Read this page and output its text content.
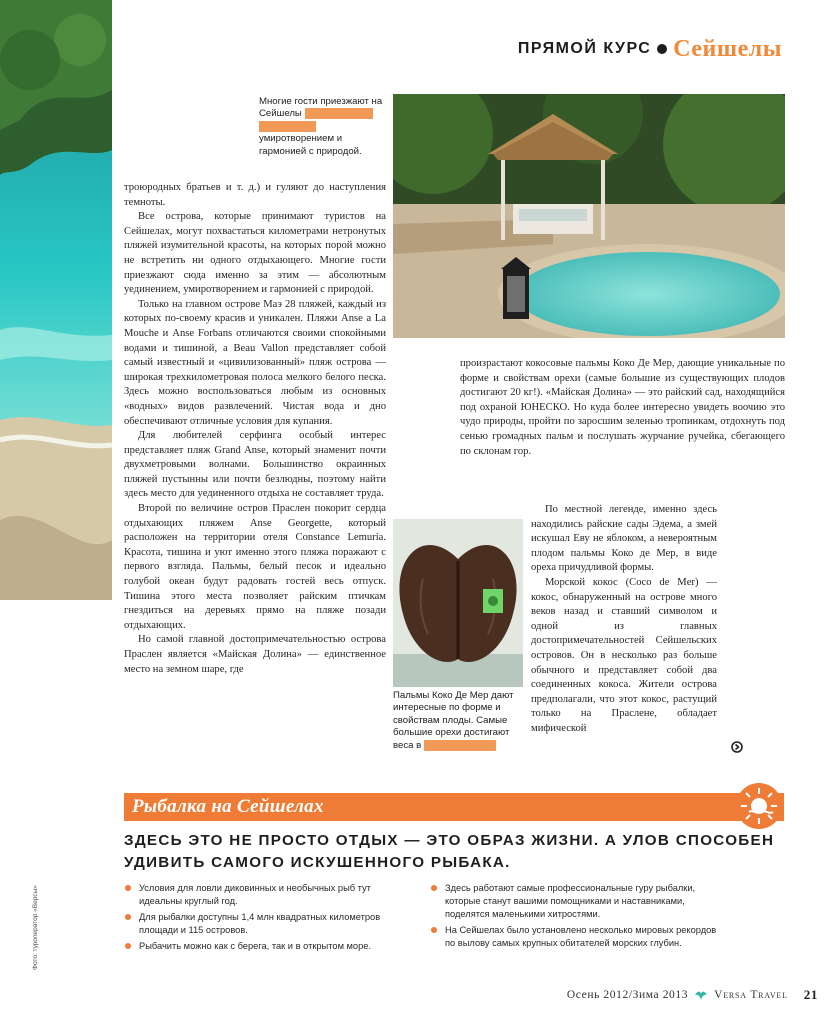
ПРЯМОЙ КУРС Сейшелы
Многие гости приезжают на Сейшелы за абсолютным уединением, умиротворением и гармонией с природой.

троюродных братьев и т. д.) и гуляют до наступления темноты.

Все острова, которые принимают туристов на Сейшелах, могут похвастаться километрами нетронутых пляжей изумительной красоты, на которых порой можно не встретить ни одного отдыхающего. Многие гости приезжают сюда именно за этим — абсолютным уединением, умиротворением и гармонией с природой.

Только на главном острове Маэ 28 пляжей, каждый из которых по-своему красив и уникален. Пляжи Anse a La Mouche и Anse Forbans отличаются своими спокойными водами и тишиной, а Beau Vallon представляет собой самый известный и «цивилизованный» пляж острова — широкая трехкилометровая полоса мелкого белого песка. Здесь можно воспользоваться любым из основных «водных» видов развлечений. Чистая вода и дно обеспечивают отличные условия для купания.

Для любителей серфинга особый интерес представляет пляж Grand Anse, который знаменит почти двухметровыми волнами. Большинство окраинных пляжей пустынны или почти безлюдны, поэтому найти здесь место для уединенного отдыха не составляет труда.

Второй по величине остров Праслен покорит сердца отдыхающих пляжем Anse Georgette, который расположен на территории отеля Constance Lemuria. Красота, тишина и уют именно этого пляжа поражают с первого взгляда. Пальмы, белый песок и идеально голубой океан будут радовать гостей весь отпуск. Тишина этого места позволяет райским птичкам гнездиться на деревьях прямо на пляже позади отдыхающих.

Но самой главной достопримечательностью острова Праслен является «Майская Долина» — единственное место на земном шаре, где

произрастают кокосовые пальмы Коко Де Мер, дающие уникальные по форме и свойствам орехи (самые большие из существующих плодов достигают 20 кг!). «Майская Долина» — это райский сад, находящийся под охраной ЮНЕСКО. Но куда более интересно увидеть воочию это чудо природы, пройти по заросшим зеленью тропинкам, отдохнуть под сенью громадных пальм и послушать журчание ручейка, сбегающего по склонам гор.

Пальмы Коко Де Мер дают интересные по форме и свойствам плоды. Самые большие орехи достигают веса в 20 килограммов

По местной легенде, именно здесь находились райские сады Эдема, а змей искушал Еву не яблоком, а невероятным плодом пальмы Коко де Мер, в виде ореха причудливой формы.

Морской кокос (Coco de Mer) — кокос, обнаруженный на острове много веков назад и ставший символом и одной из главных достопримечательностей Сейшельских островов. Он в несколько раз больше обычного и представляет собой два соединенных кокоса. Жители острова предполагали, что этот кокос, растущий только на Праслене, обладает мифической

Рыбалка на Сейшелах
ЗДЕСЬ ЭТО НЕ ПРОСТО ОТДЫХ — ЭТО ОБРАЗ ЖИЗНИ. А УЛОВ СПОСОБЕН УДИВИТЬ САМОГО ИСКУШЕННОГО РЫБАКА.
Условия для ловли диковинных и необычных рыб тут идеальны круглый год.
Для рыбалки доступны 1,4 млн квадратных километров площади и 115 островов.
Рыбачить можно как с берега, так и в открытом море.
Здесь работают самые профессиональные гуру рыбалки, которые станут вашими помощниками и наставниками, поделятся маленькими хитростями.
На Сейшелах было установлено несколько мировых рекордов по вылову самых крупных обитателей морских глубин.
Фото: туроператор «Версы»
Осень 2012/Зима 2013 Versa Travel 21
